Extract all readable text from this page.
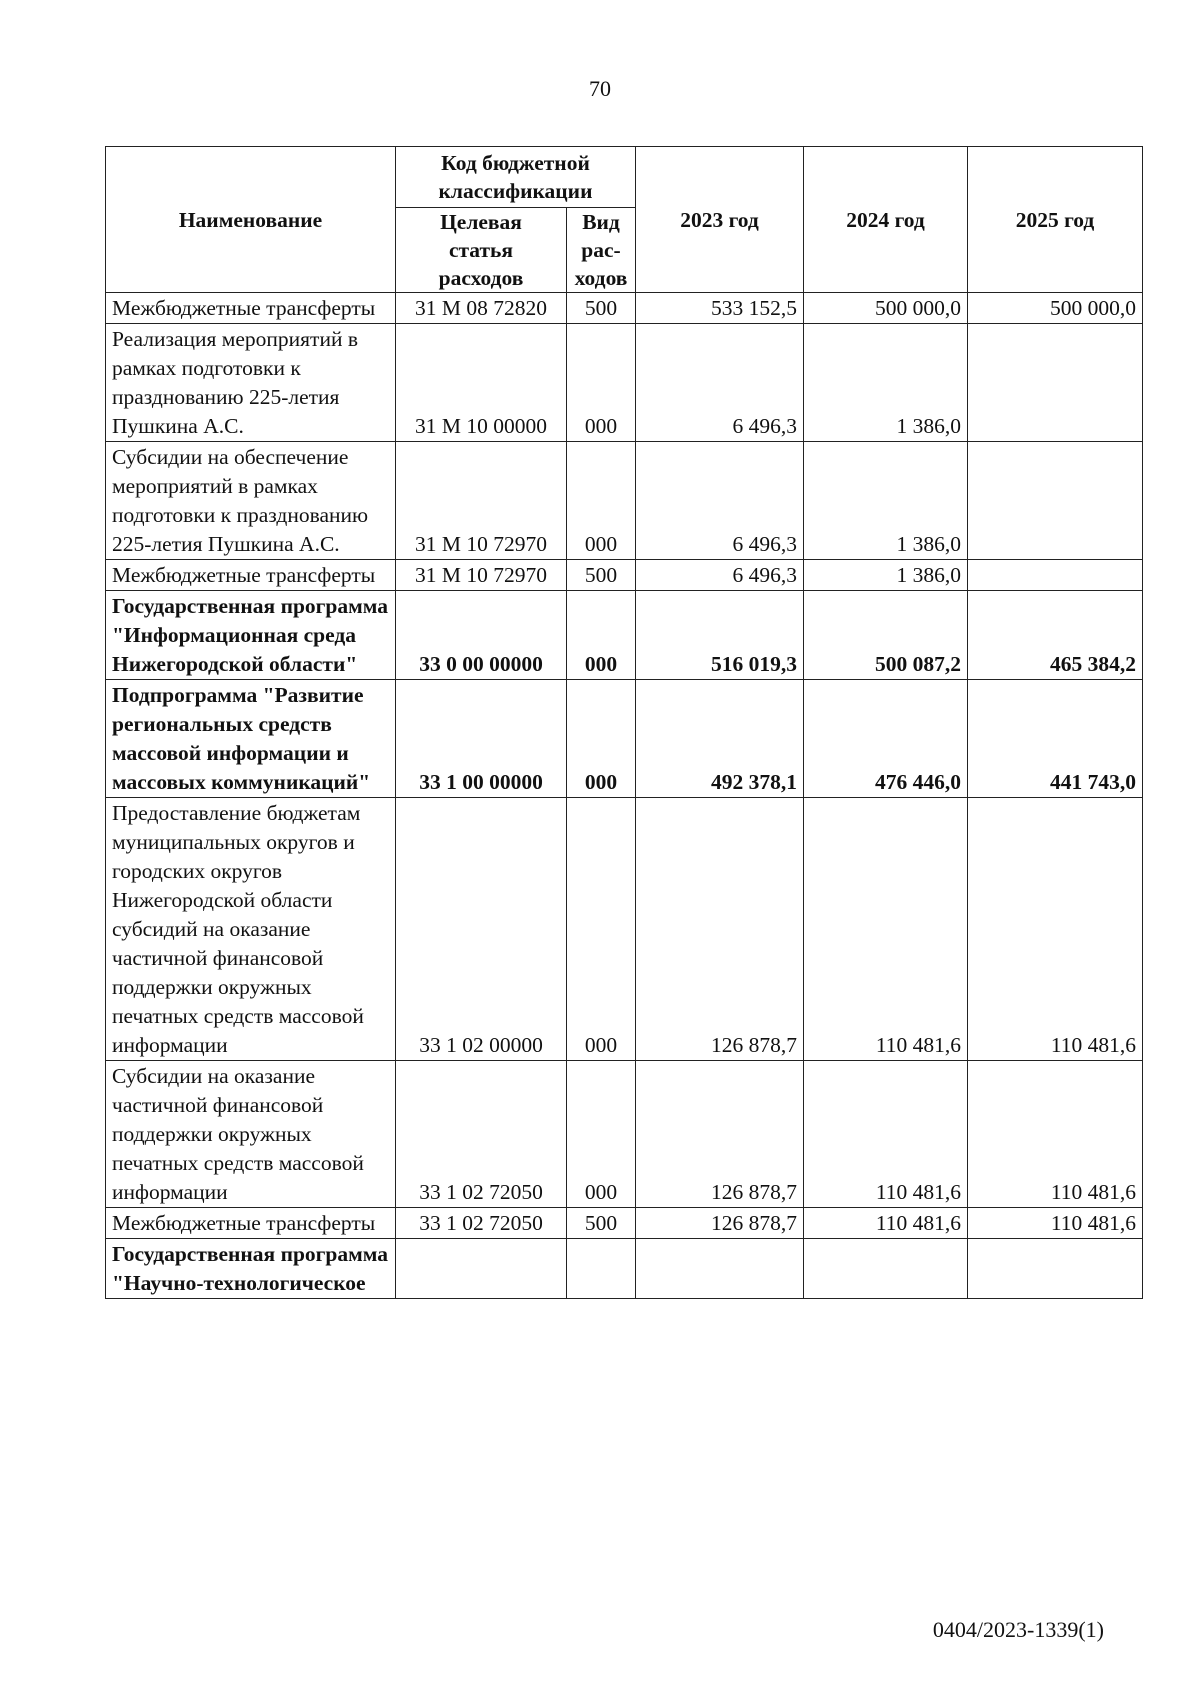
70
Наименование	Код бюджетной классификации		2023 год	2024 год	2025 год
	Целевая статья расходов	Вид рас-ходов			
Межбюджетные трансферты	31 М 08 72820	500	533 152,5	500 000,0	500 000,0
Реализация мероприятий в рамках подготовки к празднованию 225-летия Пушкина А.С.	31 М 10 00000	000	6 496,3	1 386,0	
Субсидии на обеспечение мероприятий в рамках подготовки к празднованию 225-летия Пушкина А.С.	31 М 10 72970	000	6 496,3	1 386,0	
Межбюджетные трансферты	31 М 10 72970	500	6 496,3	1 386,0	
Государственная программа "Информационная среда Нижегородской области"	33 0 00 00000	000	516 019,3	500 087,2	465 384,2
Подпрограмма "Развитие региональных средств массовой информации и массовых коммуникаций"	33 1 00 00000	000	492 378,1	476 446,0	441 743,0
Предоставление бюджетам муниципальных округов и городских округов Нижегородской области субсидий на оказание частичной финансовой поддержки окружных печатных средств массовой информации	33 1 02 00000	000	126 878,7	110 481,6	110 481,6
Субсидии на оказание частичной финансовой поддержки окружных печатных средств массовой информации	33 1 02 72050	000	126 878,7	110 481,6	110 481,6
Межбюджетные трансферты	33 1 02 72050	500	126 878,7	110 481,6	110 481,6
Государственная программа "Научно-технологическое					
0404/2023-1339(1)
